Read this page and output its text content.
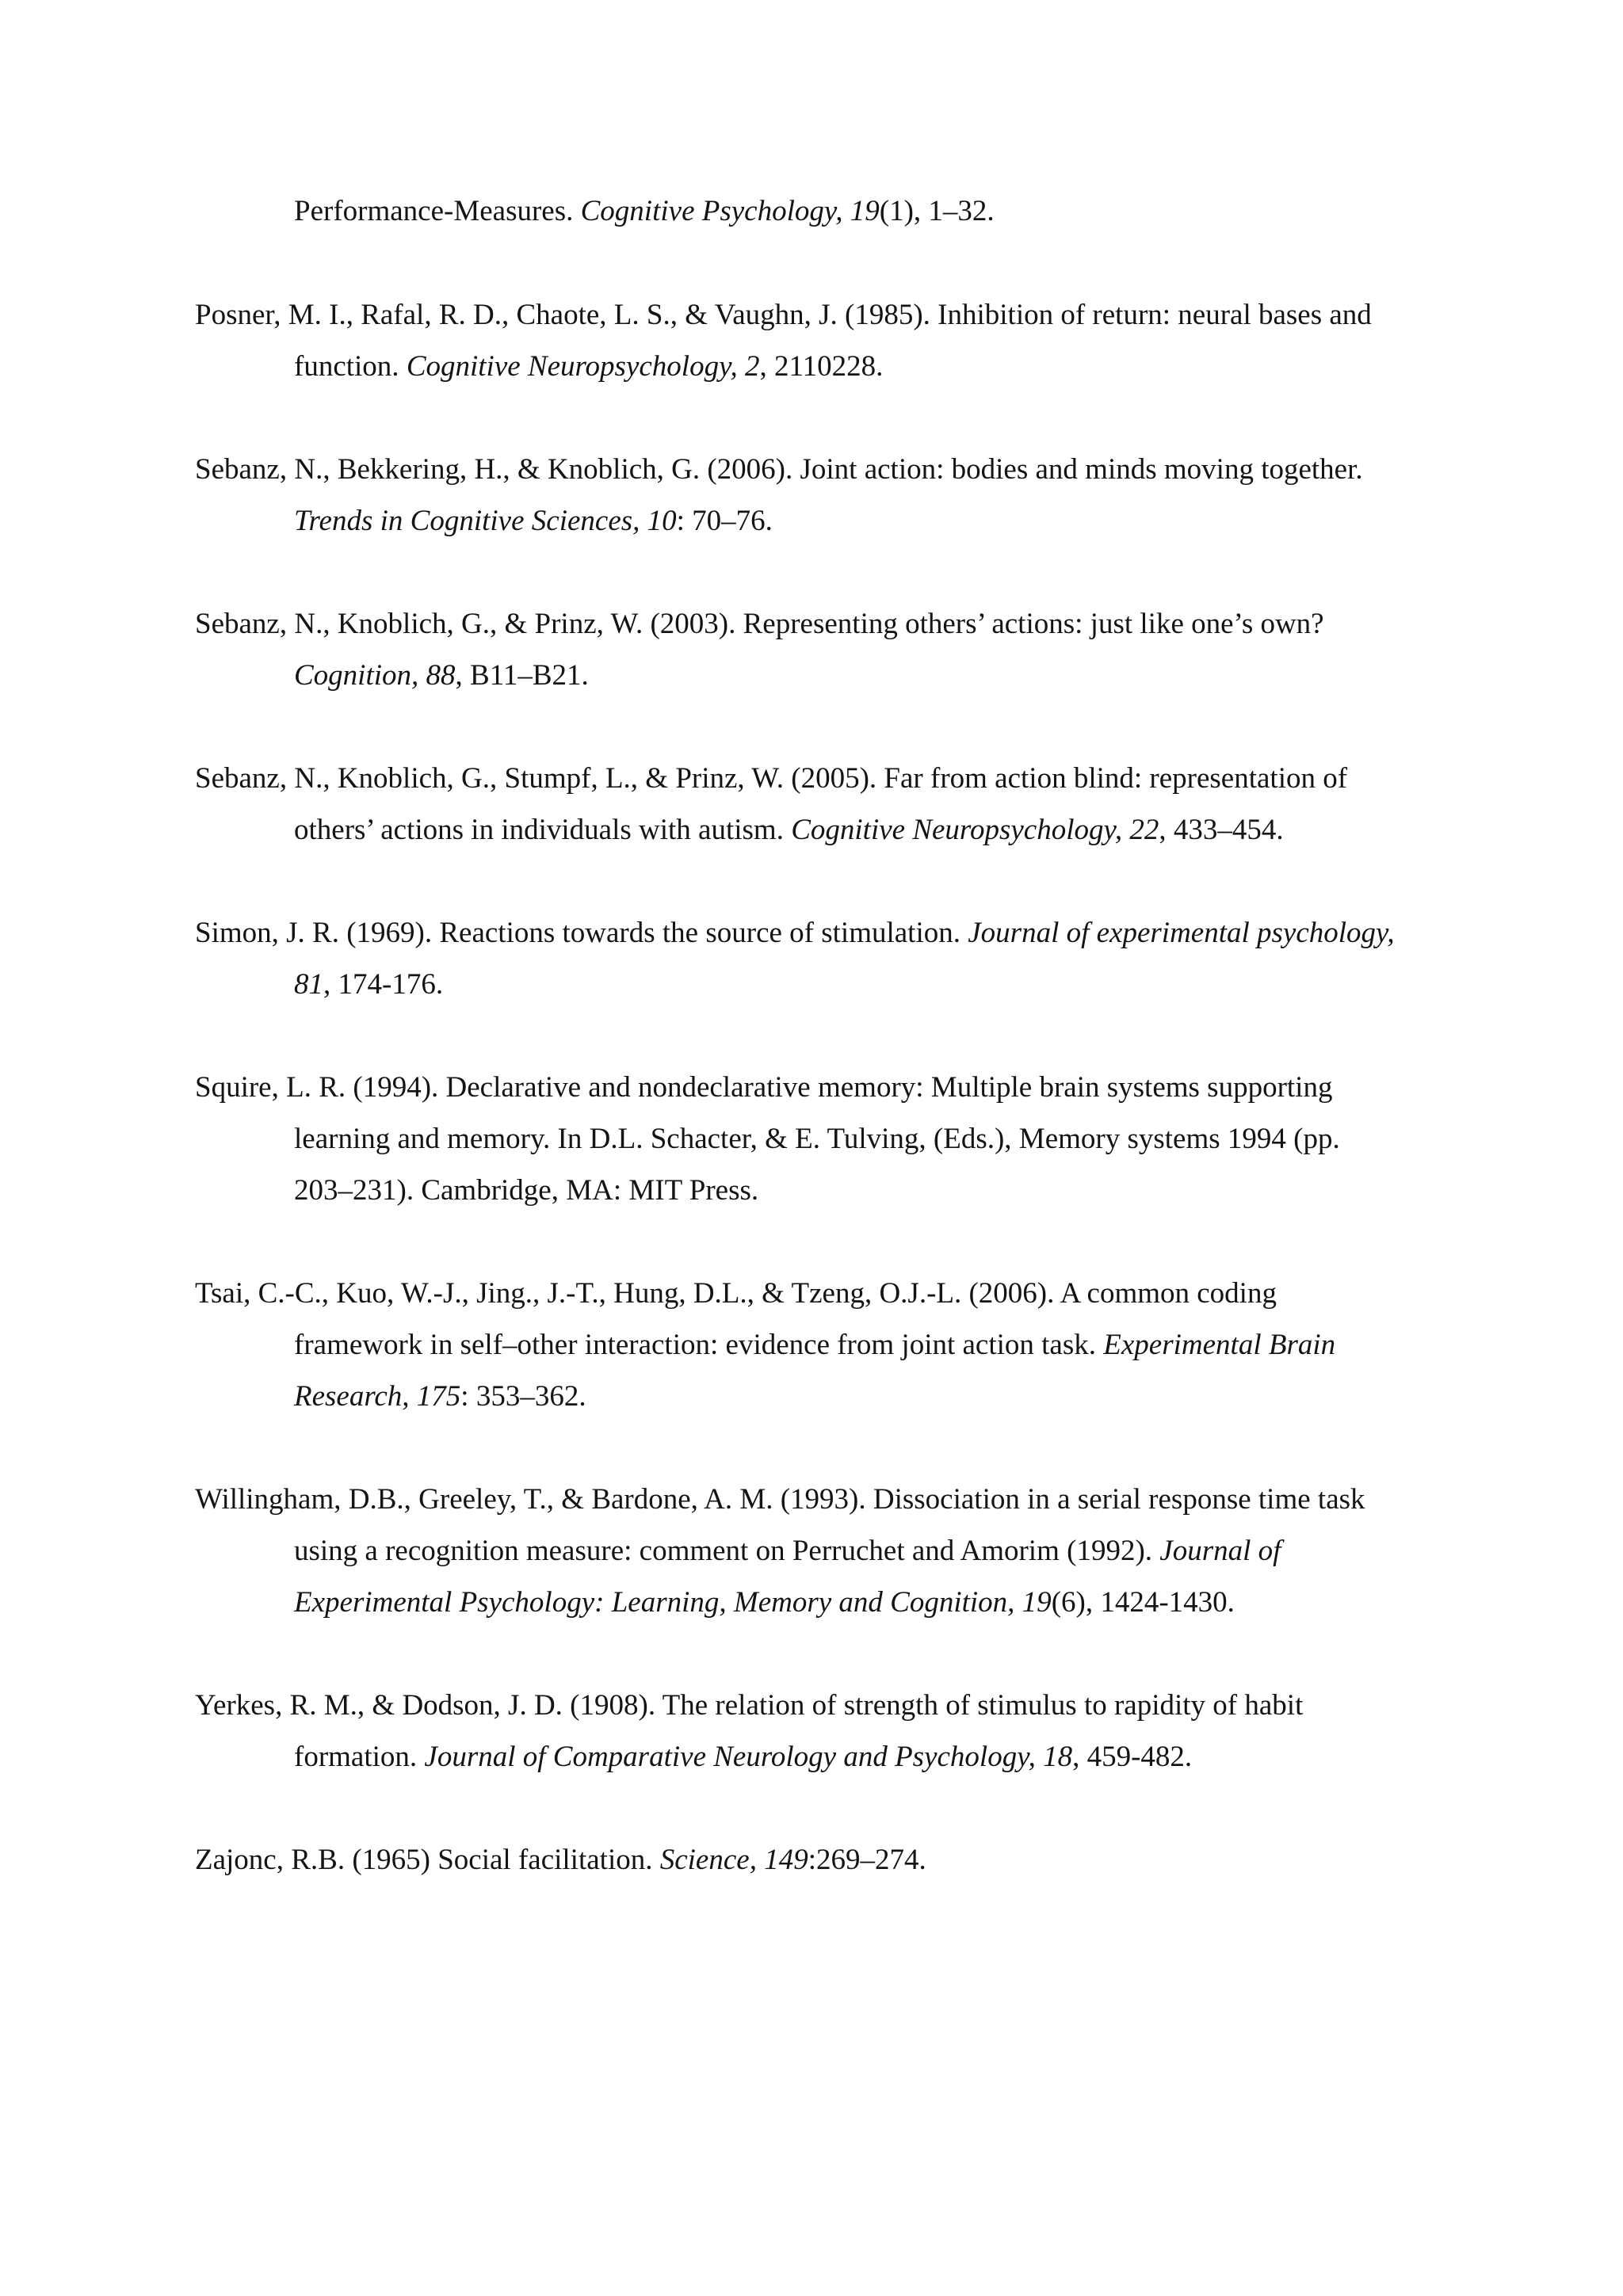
Performance-Measures. Cognitive Psychology, 19(1), 1–32.

Posner, M. I., Rafal, R. D., Chaote, L. S., & Vaughn, J. (1985). Inhibition of return: neural bases and
function. Cognitive Neuropsychology, 2, 2110228.

Sebanz, N., Bekkering, H., & Knoblich, G. (2006). Joint action: bodies and minds moving together.
Trends in Cognitive Sciences, 10: 70–76.

Sebanz, N., Knoblich, G., & Prinz, W. (2003). Representing others’ actions: just like one’s own?
Cognition, 88, B11–B21.

Sebanz, N., Knoblich, G., Stumpf, L., & Prinz, W. (2005). Far from action blind: representation of
others’ actions in individuals with autism. Cognitive Neuropsychology, 22, 433–454.

Simon, J. R. (1969). Reactions towards the source of stimulation. Journal of experimental psychology,
81, 174-176.

Squire, L. R. (1994). Declarative and nondeclarative memory: Multiple brain systems supporting
learning and memory. In D.L. Schacter, & E. Tulving, (Eds.), Memory systems 1994 (pp.
203–231). Cambridge, MA: MIT Press.

Tsai, C.-C., Kuo, W.-J., Jing., J.-T., Hung, D.L., & Tzeng, O.J.-L. (2006). A common coding
framework in self–other interaction: evidence from joint action task. Experimental Brain
Research, 175: 353–362.

Willingham, D.B., Greeley, T., & Bardone, A. M. (1993). Dissociation in a serial response time task
using a recognition measure: comment on Perruchet and Amorim (1992). Journal of
Experimental Psychology: Learning, Memory and Cognition, 19(6), 1424-1430.

Yerkes, R. M., & Dodson, J. D. (1908). The relation of strength of stimulus to rapidity of habit
formation. Journal of Comparative Neurology and Psychology, 18, 459-482.

Zajonc, R.B. (1965) Social facilitation. Science, 149:269–274.
